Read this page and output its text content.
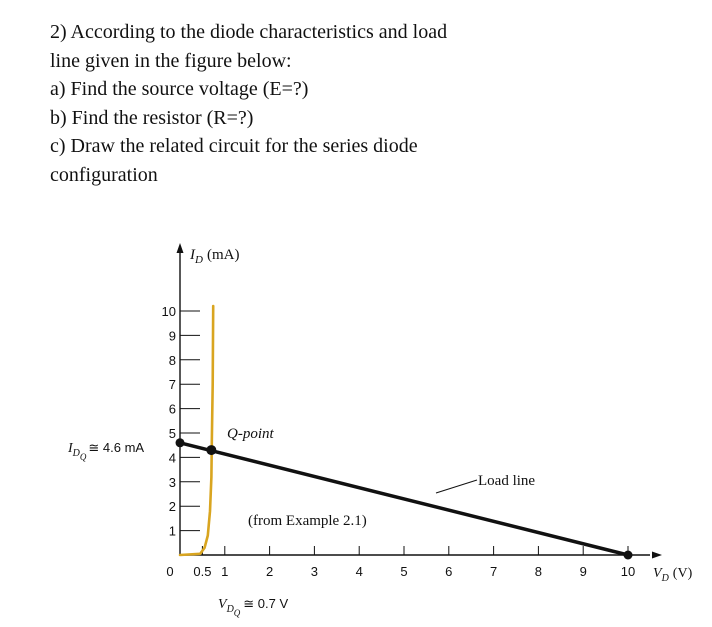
2) According to the diode characteristics and load
line given in the figure below:
a) Find the source voltage (E=?)
b) Find the resistor (R=?)
c) Draw the related circuit for the series diode
configuration
$I_D$ (mA)
$V_D$ (V)
0 0.5 1	2	3	4	5	6	7	8	9	10
1
2
3
4
5
6
7
8
9
10
Q-point
Load line
(from Example 2.1)
$I_{DQ}≅$ 4.6 mA
$V_{DQ}≅$ 0.7 V
